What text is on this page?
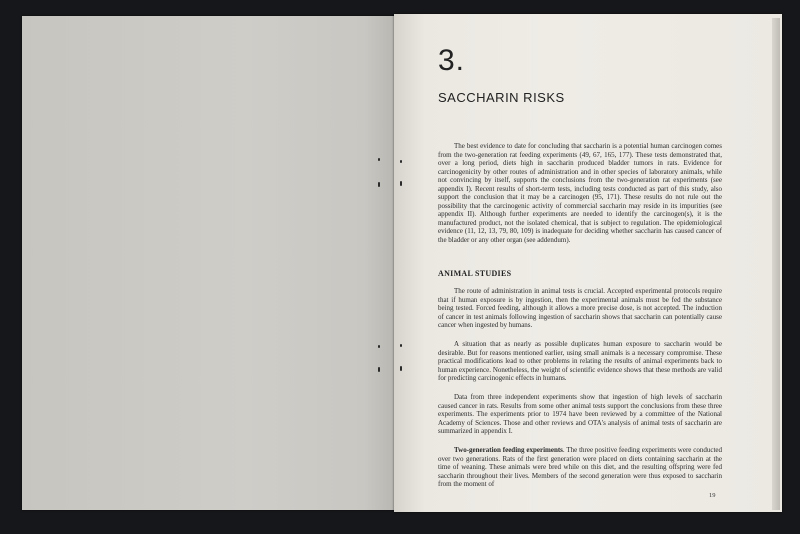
3.
SACCHARIN RISKS

The best evidence to date for concluding that saccharin is a potential human carcinogen comes from the two-generation rat feeding experiments (49, 67, 165, 177). These tests demonstrated that, over a long period, diets high in saccharin produced bladder tumors in rats. Evidence for carcinogenicity by other routes of administration and in other species of laboratory animals, while not convincing by itself, supports the conclusions from the two-generation rat experiments (see appendix I). Recent results of short-term tests, including tests conducted as part of this study, also support the conclusion that it may be a carcinogen (95, 171). These results do not rule out the possibility that the carcinogenic activity of commercial saccharin may reside in its impurities (see appendix II). Although further experiments are needed to identify the carcinogen(s), it is the manufactured product, not the isolated chemical, that is subject to regulation. The epidemiological evidence (11, 12, 13, 79, 80, 109) is inadequate for deciding whether saccharin has caused cancer of the bladder or any other organ (see addendum).

ANIMAL STUDIES

The route of administration in animal tests is crucial. Accepted experimental protocols require that if human exposure is by ingestion, then the experimental animals must be fed the substance being tested. Forced feeding, although it allows a more precise dose, is not accepted. The induction of cancer in test animals following ingestion of saccharin shows that saccharin can potentially cause cancer when ingested by humans.

A situation that as nearly as possible duplicates human exposure to saccharin would be desirable. But for reasons mentioned earlier, using small animals is a necessary compromise. These practical modifications lead to other problems in relating the results of animal experiments back to human experience. Nonetheless, the weight of scientific evidence shows that these methods are valid for predicting carcinogenic effects in humans.

Data from three independent experiments show that ingestion of high levels of saccharin caused cancer in rats. Results from some other animal tests support the conclusions from these three experiments. The experiments prior to 1974 have been reviewed by a committee of the National Academy of Sciences. Those and other reviews and OTA's analysis of animal tests of saccharin are summarized in appendix I.

Two-generation feeding experiments. The three positive feeding experiments were conducted over two generations. Rats of the first generation were placed on diets containing saccharin at the time of weaning. These animals were bred while on this diet, and the resulting offspring were fed saccharin throughout their lives. Members of the second generation were thus exposed to saccharin from the moment of

19
